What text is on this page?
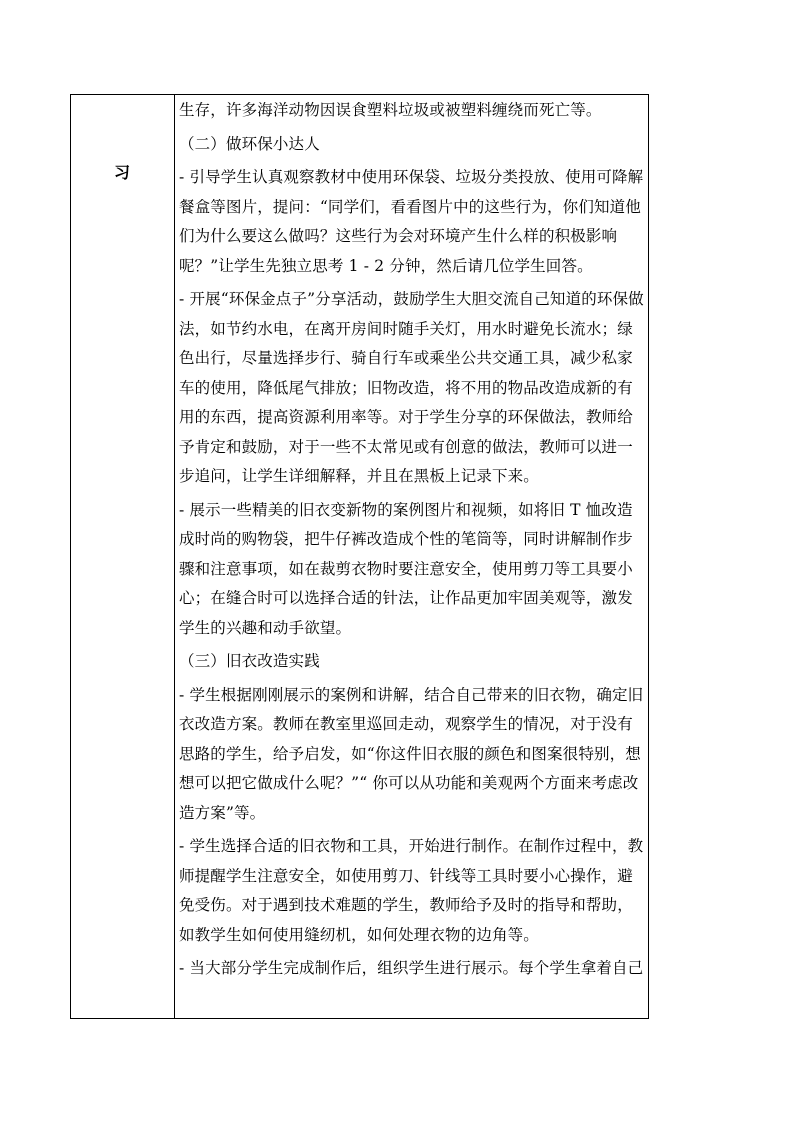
习
生存，许多海洋动物因误食塑料垃圾或被塑料缠绕而死亡等。
（二）做环保小达人
- 引导学生认真观察教材中使用环保袋、垃圾分类投放、使用可降解
餐盒等图片，提问：“同学们，看看图片中的这些行为，你们知道他
们为什么要这么做吗？这些行为会对环境产生什么样的积极影响
呢？”让学生先独立思考 1 - 2 分钟，然后请几位学生回答。
- 开展“环保金点子”分享活动，鼓励学生大胆交流自己知道的环保做
法，如节约水电，在离开房间时随手关灯，用水时避免长流水；绿
色出行，尽量选择步行、骑自行车或乘坐公共交通工具，减少私家
车的使用，降低尾气排放；旧物改造，将不用的物品改造成新的有
用的东西，提高资源利用率等。对于学生分享的环保做法，教师给
予肯定和鼓励，对于一些不太常见或有创意的做法，教师可以进一
步追问，让学生详细解释，并且在黑板上记录下来。
- 展示一些精美的旧衣变新物的案例图片和视频，如将旧 T 恤改造
成时尚的购物袋，把牛仔裤改造成个性的笔筒等，同时讲解制作步
骤和注意事项，如在裁剪衣物时要注意安全，使用剪刀等工具要小
心；在缝合时可以选择合适的针法，让作品更加牢固美观等，激发
学生的兴趣和动手欲望。
（三）旧衣改造实践
- 学生根据刚刚展示的案例和讲解，结合自己带来的旧衣物，确定旧
衣改造方案。教师在教室里巡回走动，观察学生的情况，对于没有
思路的学生，给予启发，如“你这件旧衣服的颜色和图案很特别，想
想可以把它做成什么呢？”“ 你可以从功能和美观两个方面来考虑改
造方案”等。
- 学生选择合适的旧衣物和工具，开始进行制作。在制作过程中，教
师提醒学生注意安全，如使用剪刀、针线等工具时要小心操作，避
免受伤。对于遇到技术难题的学生，教师给予及时的指导和帮助，
如教学生如何使用缝纫机，如何处理衣物的边角等。
- 当大部分学生完成制作后，组织学生进行展示。每个学生拿着自己
